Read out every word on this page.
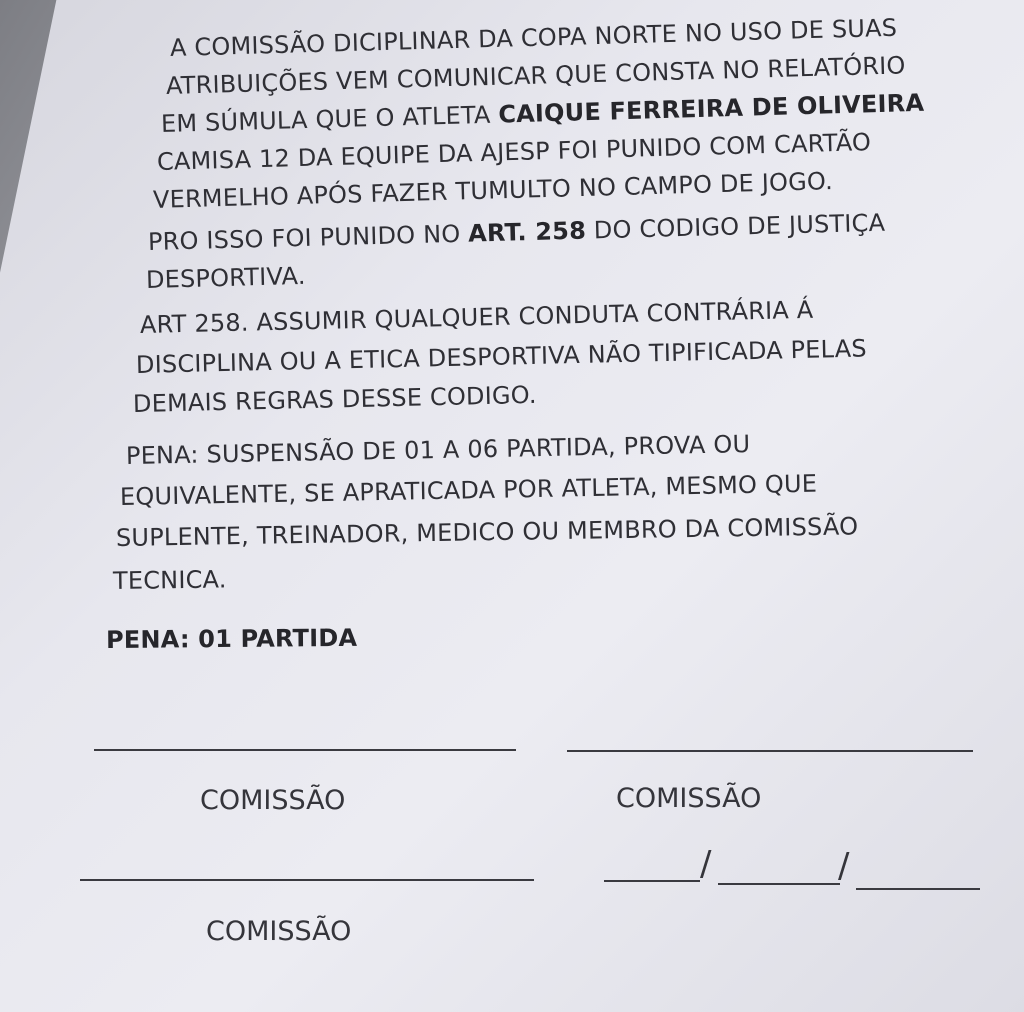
A COMISSÃO DICIPLINAR DA COPA NORTE NO USO DE SUAS
ATRIBUIÇÕES VEM COMUNICAR QUE CONSTA NO RELATÓRIO
EM SÚMULA QUE O ATLETA CAIQUE FERREIRA DE OLIVEIRA
CAMISA 12 DA EQUIPE DA AJESP FOI PUNIDO COM CARTÃO
VERMELHO APÓS FAZER TUMULTO NO CAMPO DE JOGO.
PRO ISSO FOI PUNIDO NO ART. 258 DO CODIGO DE JUSTIÇA
DESPORTIVA.
ART 258. ASSUMIR QUALQUER CONDUTA CONTRÁRIA Á
DISCIPLINA OU A ETICA DESPORTIVA NÃO TIPIFICADA PELAS
DEMAIS REGRAS DESSE CODIGO.
PENA: SUSPENSÃO DE 01 A 06 PARTIDA, PROVA OU
EQUIVALENTE, SE APRATICADA POR ATLETA, MESMO QUE
SUPLENTE, TREINADOR, MEDICO OU MEMBRO DA COMISSÃO
TECNICA.
PENA: 01 PARTIDA
COMISSÃO	COMISSÃO
COMISSÃO
/	/
